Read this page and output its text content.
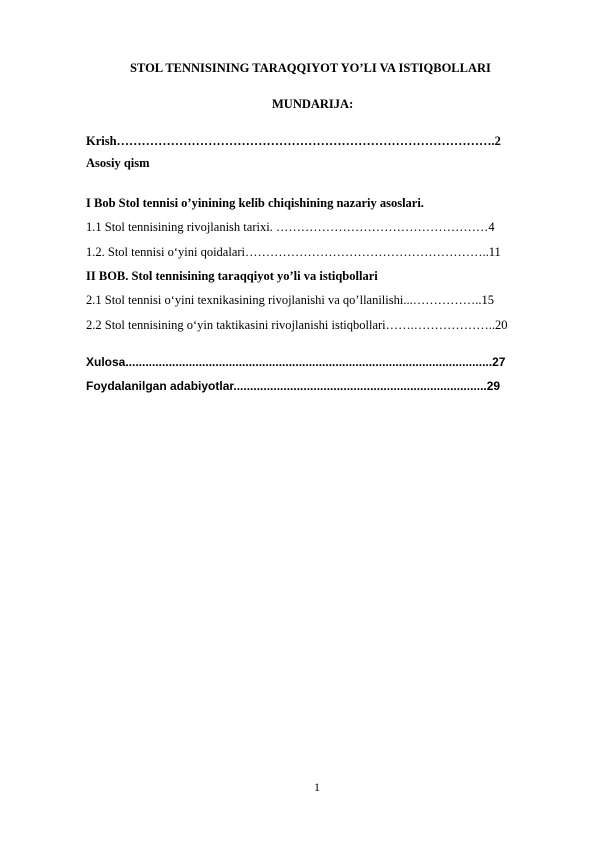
STOL TENNISINING TARAQQIYOT YO’LI VA ISTIQBOLLARI
MUNDARIJA:
Krish……………………………………………………………………………….2
Asosiy qism
I Bob Stol tennisi o’yinining kelib chiqishining nazariy asoslari.
1.1 Stol tennisining rivojlanish tarixi. ……………………………………………4
1.2. Stol tennisi o‘yini qoidalari…………………………………………………..11
II BOB. Stol tennisining taraqqiyot yo’li va istiqbollari
2.1 Stol tennisi o‘yini texnikasining rivojlanishi va qo’llanilishi...……………..15
2.2 Stol tennisining o‘yin taktikasini rivojlanishi istiqbollari…….………………..20
Xulosa..............................................................................................................27
Foydalanilgan adabiyotlar............................................................................29
1
